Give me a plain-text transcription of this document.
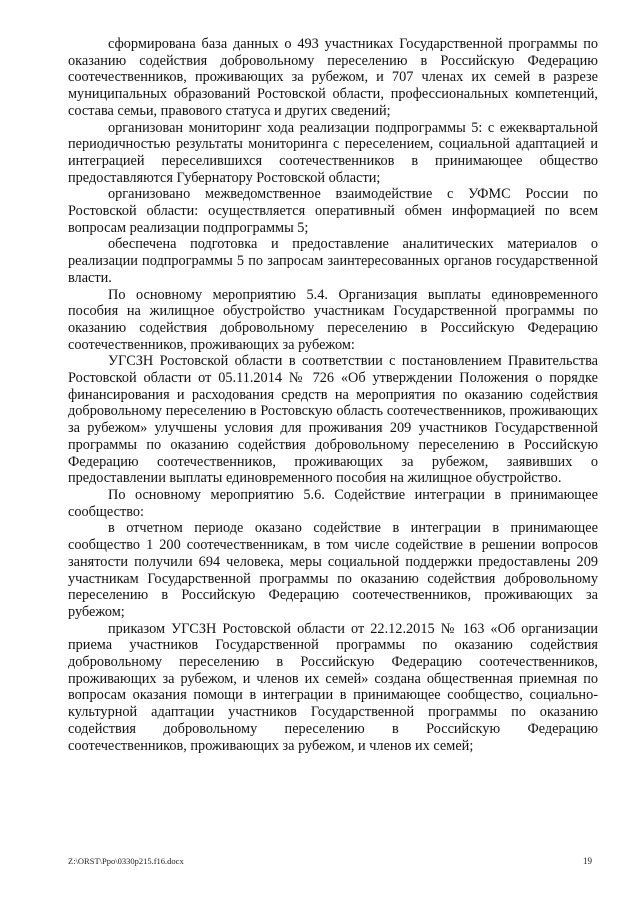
сформирована база данных о 493 участниках Государственной программы по оказанию содействия добровольному переселению в Российскую Федерацию соотечественников, проживающих за рубежом, и 707 членах их семей в разрезе муниципальных образований Ростовской области, профессиональных компетенций, состава семьи, правового статуса и других сведений;

организован мониторинг хода реализации подпрограммы 5: с ежеквартальной периодичностью результаты мониторинга с переселением, социальной адаптацией и интеграцией переселившихся соотечественников в принимающее общество предоставляются Губернатору Ростовской области;

организовано межведомственное взаимодействие с УФМС России по Ростовской области: осуществляется оперативный обмен информацией по всем вопросам реализации подпрограммы 5;

обеспечена подготовка и предоставление аналитических материалов о реализации подпрограммы 5 по запросам заинтересованных органов государственной власти.

По основному мероприятию 5.4. Организация выплаты единовременного пособия на жилищное обустройство участникам Государственной программы по оказанию содействия добровольному переселению в Российскую Федерацию соотечественников, проживающих за рубежом:

УГСЗН Ростовской области в соответствии с постановлением Правительства Ростовской области от 05.11.2014 № 726 «Об утверждении Положения о порядке финансирования и расходования средств на мероприятия по оказанию содействия добровольному переселению в Ростовскую область соотечественников, проживающих за рубежом» улучшены условия для проживания 209 участников Государственной программы по оказанию содействия добровольному переселению в Российскую Федерацию соотечественников, проживающих за рубежом, заявивших о предоставлении выплаты единовременного пособия на жилищное обустройство.

По основному мероприятию 5.6. Содействие интеграции в принимающее сообщество:

в отчетном периоде оказано содействие в интеграции в принимающее сообщество 1 200 соотечественникам, в том числе содействие в решении вопросов занятости получили 694 человека, меры социальной поддержки предоставлены 209 участникам Государственной программы по оказанию содействия добровольному переселению в Российскую Федерацию соотечественников, проживающих за рубежом;

приказом УГСЗН Ростовской области от 22.12.2015 № 163 «Об организации приема участников Государственной программы по оказанию содействия добровольному переселению в Российскую Федерацию соотечественников, проживающих за рубежом, и членов их семей» создана общественная приемная по вопросам оказания помощи в интеграции в принимающее сообщество, социально-культурной адаптации участников Государственной программы по оказанию содействия добровольному переселению в Российскую Федерацию соотечественников, проживающих за рубежом, и членов их семей;

Z:\ORST\Ppo\0330p215.f16.docx	19
